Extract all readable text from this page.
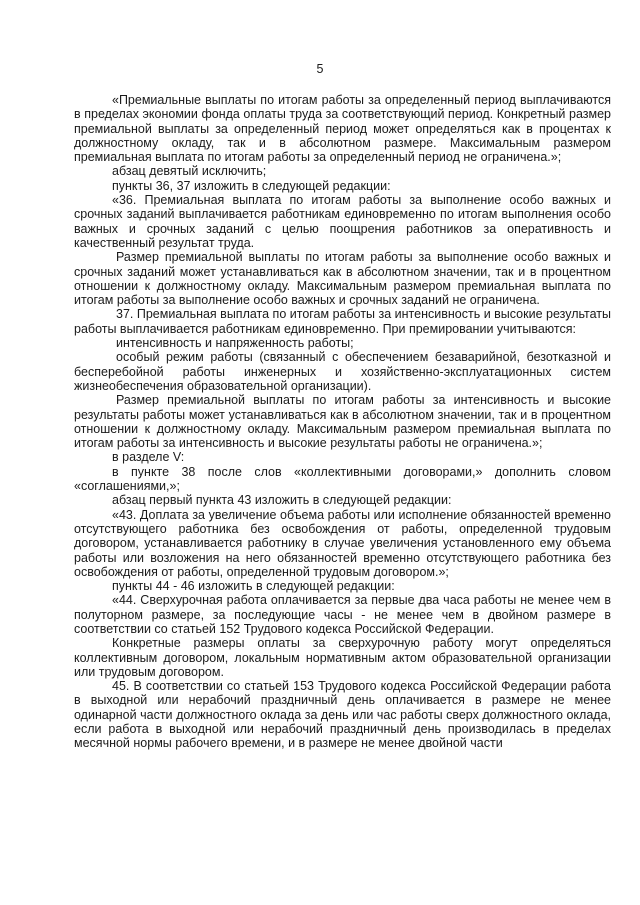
5

«Премиальные выплаты по итогам работы за определенный период выплачиваются в пределах экономии фонда оплаты труда за соответствующий период. Конкретный размер премиальной выплаты за определенный период может определяться как в процентах к должностному окладу, так и в абсолютном размере. Максимальным размером премиальная выплата по итогам работы за определенный период не ограничена.»;

абзац девятый исключить;

пункты 36, 37 изложить в следующей редакции:

«36. Премиальная выплата по итогам работы за выполнение особо важных и срочных заданий выплачивается работникам единовременно по итогам выполнения особо важных и срочных заданий с целью поощрения работников за оперативность и качественный результат труда.

Размер премиальной выплаты по итогам работы за выполнение особо важных и срочных заданий может устанавливаться как в абсолютном значении, так и в процентном отношении к должностному окладу. Максимальным размером премиальная выплата по итогам работы за выполнение особо важных и срочных заданий не ограничена.

37. Премиальная выплата по итогам работы за интенсивность и высокие результаты работы выплачивается работникам единовременно. При премировании учитываются:

интенсивность и напряженность работы;

особый режим работы (связанный с обеспечением безаварийной, безотказной и бесперебойной работы инженерных и хозяйственно-эксплуатационных систем жизнеобеспечения образовательной организации).

Размер премиальной выплаты по итогам работы за интенсивность и высокие результаты работы может устанавливаться как в абсолютном значении, так и в процентном отношении к должностному окладу. Максимальным размером премиальная выплата по итогам работы за интенсивность и высокие результаты работы не ограничена.»;

в разделе V:

в пункте 38 после слов «коллективными договорами,» дополнить словом «соглашениями,»;

абзац первый пункта 43 изложить в следующей редакции:

«43. Доплата за увеличение объема работы или исполнение обязанностей временно отсутствующего работника без освобождения от работы, определенной трудовым договором, устанавливается работнику в случае увеличения установленного ему объема работы или возложения на него обязанностей временно отсутствующего работника без освобождения от работы, определенной трудовым договором.»;

пункты 44 - 46 изложить в следующей редакции:

«44. Сверхурочная работа оплачивается за первые два часа работы не менее чем в полуторном размере, за последующие часы - не менее чем в двойном размере в соответствии со статьей 152 Трудового кодекса Российской Федерации.

Конкретные размеры оплаты за сверхурочную работу могут определяться коллективным договором, локальным нормативным актом образовательной организации или трудовым договором.

45. В соответствии со статьей 153 Трудового кодекса Российской Федерации работа в выходной или нерабочий праздничный день оплачивается в размере не менее одинарной части должностного оклада за день или час работы сверх должностного оклада, если работа в выходной или нерабочий праздничный день производилась в пределах месячной нормы рабочего времени, и в размере не менее двойной части
